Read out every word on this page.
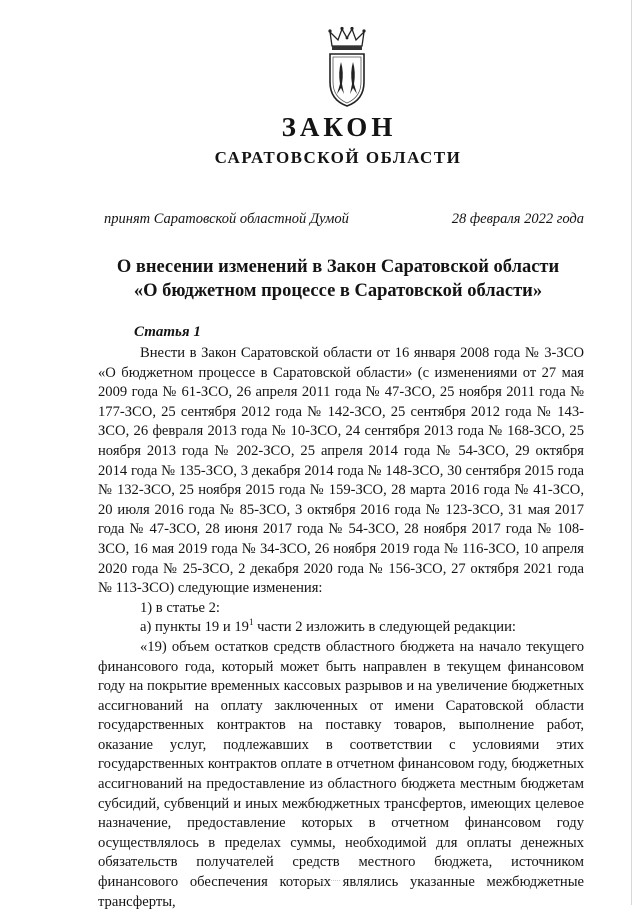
ЗАКОН
САРАТОВСКОЙ ОБЛАСТИ
принят Саратовской областной Думой	28 февраля 2022 года
О внесении изменений в Закон Саратовской области
«О бюджетном процессе в Саратовской области»
Статья 1

Внести в Закон Саратовской области от 16 января 2008 года № 3-ЗСО «О бюджетном процессе в Саратовской области» (с изменениями от 27 мая 2009 года № 61-ЗСО, 26 апреля 2011 года № 47-ЗСО, 25 ноября 2011 года № 177-ЗСО, 25 сентября 2012 года № 142-ЗСО, 25 сентября 2012 года № 143-ЗСО, 26 февраля 2013 года № 10-ЗСО, 24 сентября 2013 года № 168-ЗСО, 25 ноября 2013 года № 202-ЗСО, 25 апреля 2014 года № 54-ЗСО, 29 октября 2014 года № 135-ЗСО, 3 декабря 2014 года № 148-ЗСО, 30 сентября 2015 года № 132-ЗСО, 25 ноября 2015 года № 159-ЗСО, 28 марта 2016 года № 41-ЗСО, 20 июля 2016 года № 85-ЗСО, 3 октября 2016 года № 123-ЗСО, 31 мая 2017 года № 47-ЗСО, 28 июня 2017 года № 54-ЗСО, 28 ноября 2017 года № 108-ЗСО, 16 мая 2019 года № 34-ЗСО, 26 ноября 2019 года № 116-ЗСО, 10 апреля 2020 года № 25-ЗСО, 2 декабря 2020 года № 156-ЗСО, 27 октября 2021 года № 113-ЗСО) следующие изменения:

1) в статье 2:

а) пункты 19 и $19^1$ части 2 изложить в следующей редакции:

«19) объем остатков средств областного бюджета на начало текущего финансового года, который может быть направлен в текущем финансовом году на покрытие временных кассовых разрывов и на увеличение бюджетных ассигнований на оплату заключенных от имени Саратовской области государственных контрактов на поставку товаров, выполнение работ, оказание услуг, подлежавших в соответствии с условиями этих государственных контрактов оплате в отчетном финансовом году, бюджетных ассигнований на предоставление из областного бюджета местным бюджетам субсидий, субвенций и иных межбюджетных трансфертов, имеющих целевое назначение, предоставление которых в отчетном финансовом году осуществлялось в пределах суммы, необходимой для оплаты денежных обязательств получателей средств местного бюджета, источником финансового обеспечения которых являлись указанные межбюджетные трансферты,
